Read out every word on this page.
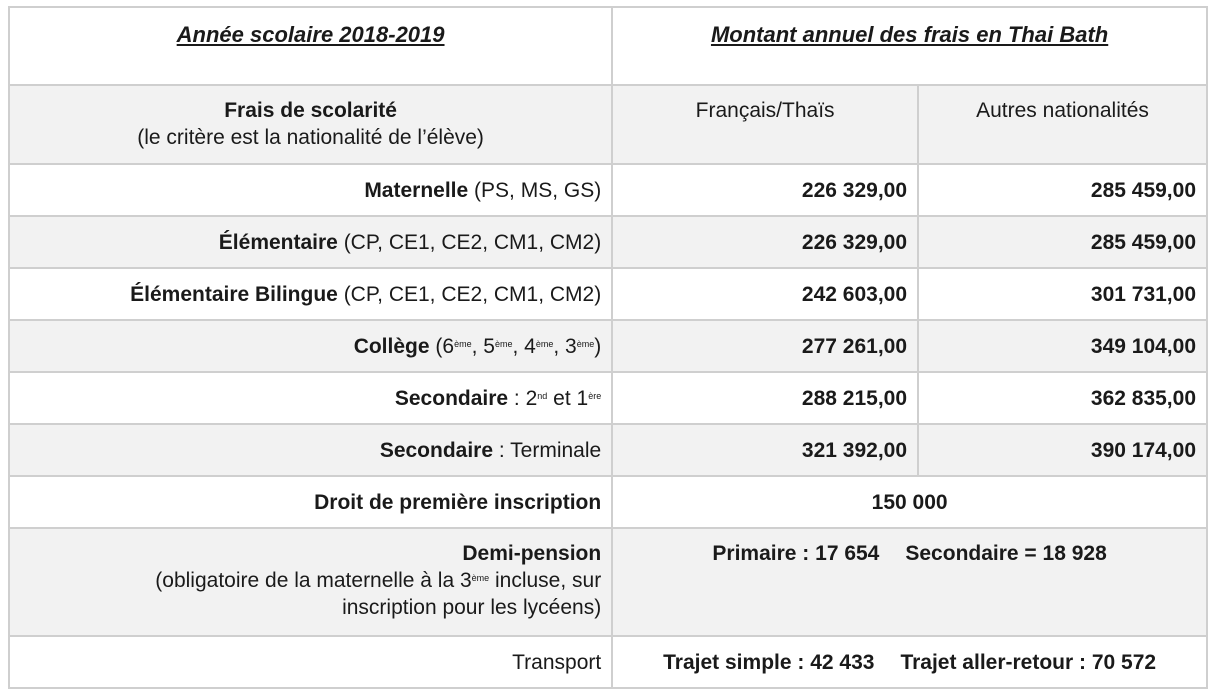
Année scolaire 2018-2019	Montant annuel des frais en Thai Bath	

Frais de scolarité
(le critère est la nationalité de l’élève)	Français/Thaïs	Autres nationalités
Maternelle (PS, MS, GS)	226 329,00	285 459,00
Élémentaire (CP, CE1, CE2, CM1, CM2)	226 329,00	285 459,00
Élémentaire Bilingue (CP, CE1, CE2, CM1, CM2)	242 603,00	301 731,00
Collège (6ème, 5ème, 4ème, 3ème)	277 261,00	349 104,00
Secondaire : 2nd et 1ère	288 215,00	362 835,00
Secondaire : Terminale	321 392,00	390 174,00
Droit de première inscription	150 000	

Demi-pension
(obligatoire de la maternelle à la 3ème incluse, sur
inscription pour les lycéens)	Primaire : 17 654 Secondaire = 18 928	
Transport	Trajet simple : 42 433 Trajet aller-retour : 70 572	
